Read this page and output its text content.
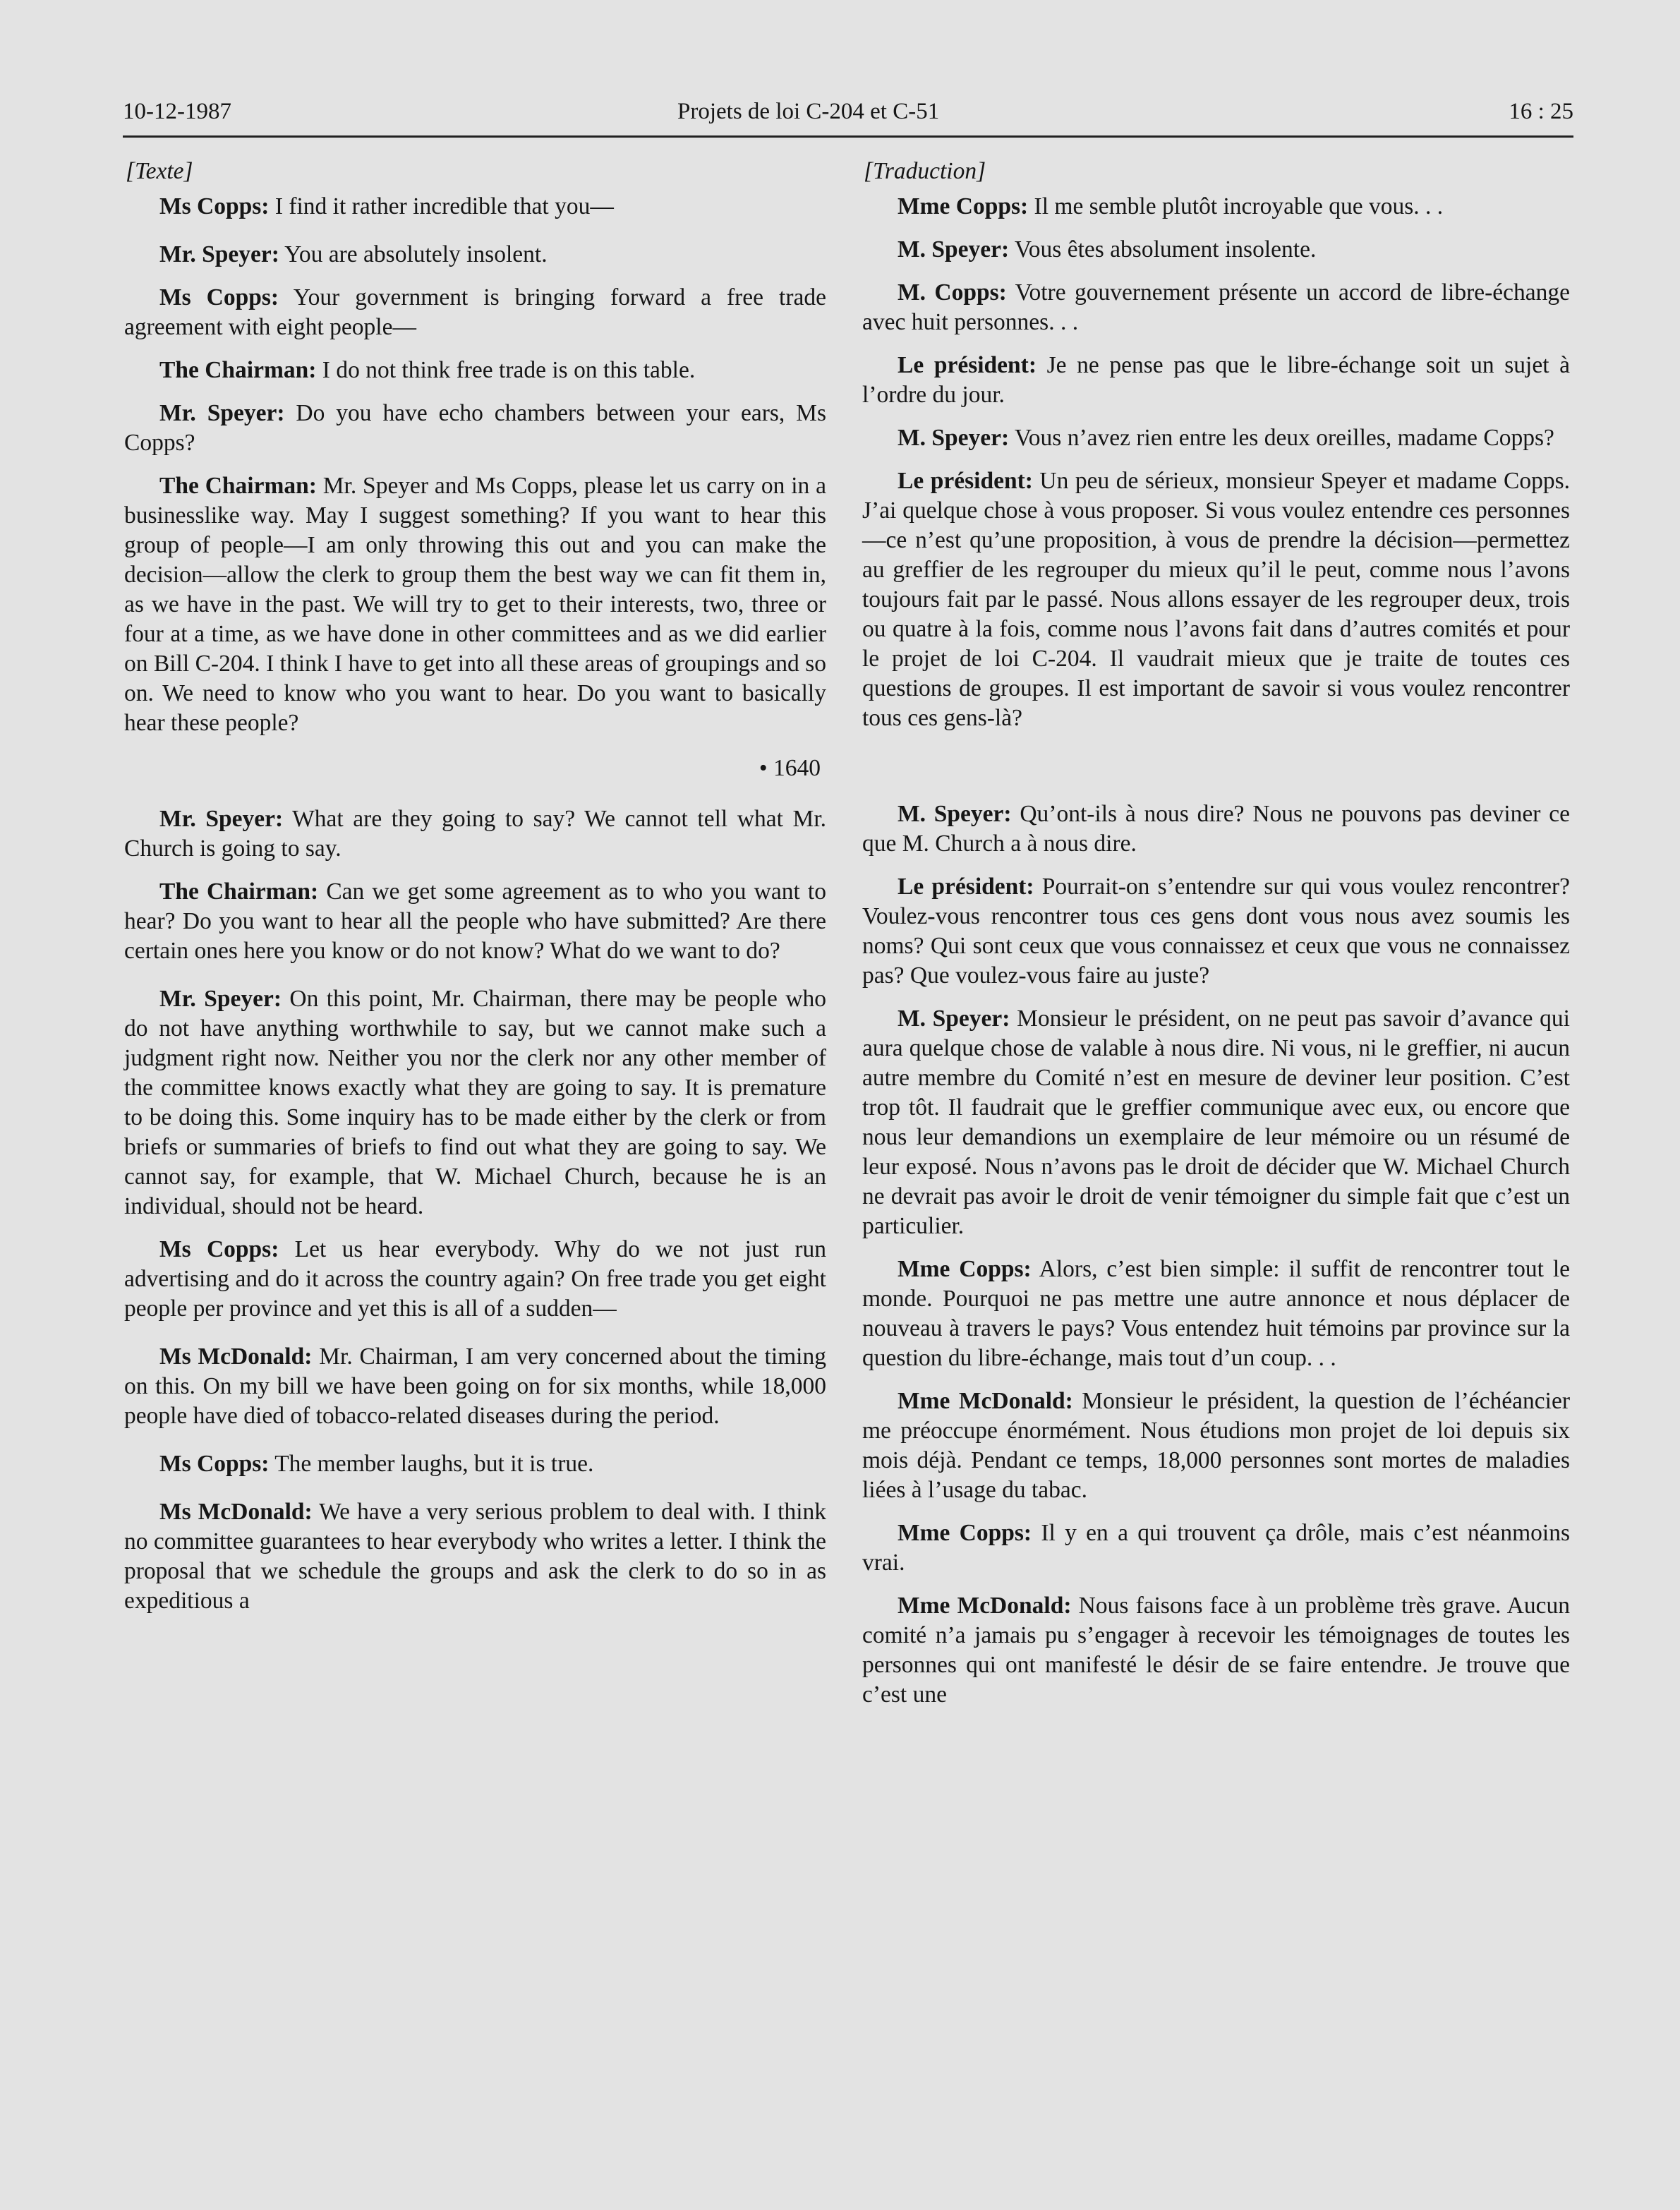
10-12-1987	Projets de loi C-204 et C-51	16 : 25
[Texte]

Ms Copps: I find it rather incredible that you—

Mr. Speyer: You are absolutely insolent.

Ms Copps: Your government is bringing forward a free trade agreement with eight people—

The Chairman: I do not think free trade is on this table.

Mr. Speyer: Do you have echo chambers between your ears, Ms Copps?

The Chairman: Mr. Speyer and Ms Copps, please let us carry on in a businesslike way. May I suggest something? If you want to hear this group of people—I am only throwing this out and you can make the decision—allow the clerk to group them the best way we can fit them in, as we have in the past. We will try to get to their interests, two, three or four at a time, as we have done in other committees and as we did earlier on Bill C-204. I think I have to get into all these areas of groupings and so on. We need to know who you want to hear. Do you want to basically hear these people?

• 1640

Mr. Speyer: What are they going to say? We cannot tell what Mr. Church is going to say.

The Chairman: Can we get some agreement as to who you want to hear? Do you want to hear all the people who have submitted? Are there certain ones here you know or do not know? What do we want to do?

Mr. Speyer: On this point, Mr. Chairman, there may be people who do not have anything worthwhile to say, but we cannot make such a judgment right now. Neither you nor the clerk nor any other member of the committee knows exactly what they are going to say. It is premature to be doing this. Some inquiry has to be made either by the clerk or from briefs or summaries of briefs to find out what they are going to say. We cannot say, for example, that W. Michael Church, because he is an individual, should not be heard.

Ms Copps: Let us hear everybody. Why do we not just run advertising and do it across the country again? On free trade you get eight people per province and yet this is all of a sudden—

Ms McDonald: Mr. Chairman, I am very concerned about the timing on this. On my bill we have been going on for six months, while 18,000 people have died of tobacco-related diseases during the period.

Ms Copps: The member laughs, but it is true.

Ms McDonald: We have a very serious problem to deal with. I think no committee guarantees to hear everybody who writes a letter. I think the proposal that we schedule the groups and ask the clerk to do so in as expeditious a

[Traduction]

Mme Copps: Il me semble plutôt incroyable que vous. . .

M. Speyer: Vous êtes absolument insolente.

M. Copps: Votre gouvernement présente un accord de libre-échange avec huit personnes. . .

Le président: Je ne pense pas que le libre-échange soit un sujet à l’ordre du jour.

M. Speyer: Vous n’avez rien entre les deux oreilles, madame Copps?

Le président: Un peu de sérieux, monsieur Speyer et madame Copps. J’ai quelque chose à vous proposer. Si vous voulez entendre ces personnes—ce n’est qu’une proposition, à vous de prendre la décision—permettez au greffier de les regrouper du mieux qu’il le peut, comme nous l’avons toujours fait par le passé. Nous allons essayer de les regrouper deux, trois ou quatre à la fois, comme nous l’avons fait dans d’autres comités et pour le projet de loi C-204. Il vaudrait mieux que je traite de toutes ces questions de groupes. Il est important de savoir si vous voulez rencontrer tous ces gens-là?

M. Speyer: Qu’ont-ils à nous dire? Nous ne pouvons pas deviner ce que M. Church a à nous dire.

Le président: Pourrait-on s’entendre sur qui vous voulez rencontrer? Voulez-vous rencontrer tous ces gens dont vous nous avez soumis les noms? Qui sont ceux que vous connaissez et ceux que vous ne connaissez pas? Que voulez-vous faire au juste?

M. Speyer: Monsieur le président, on ne peut pas savoir d’avance qui aura quelque chose de valable à nous dire. Ni vous, ni le greffier, ni aucun autre membre du Comité n’est en mesure de deviner leur position. C’est trop tôt. Il faudrait que le greffier communique avec eux, ou encore que nous leur demandions un exemplaire de leur mémoire ou un résumé de leur exposé. Nous n’avons pas le droit de décider que W. Michael Church ne devrait pas avoir le droit de venir témoigner du simple fait que c’est un particulier.

Mme Copps: Alors, c’est bien simple: il suffit de rencontrer tout le monde. Pourquoi ne pas mettre une autre annonce et nous déplacer de nouveau à travers le pays? Vous entendez huit témoins par province sur la question du libre-échange, mais tout d’un coup. . .

Mme McDonald: Monsieur le président, la question de l’échéancier me préoccupe énormément. Nous étudions mon projet de loi depuis six mois déjà. Pendant ce temps, 18,000 personnes sont mortes de maladies liées à l’usage du tabac.

Mme Copps: Il y en a qui trouvent ça drôle, mais c’est néanmoins vrai.

Mme McDonald: Nous faisons face à un problème très grave. Aucun comité n’a jamais pu s’engager à recevoir les témoignages de toutes les personnes qui ont manifesté le désir de se faire entendre. Je trouve que c’est une
